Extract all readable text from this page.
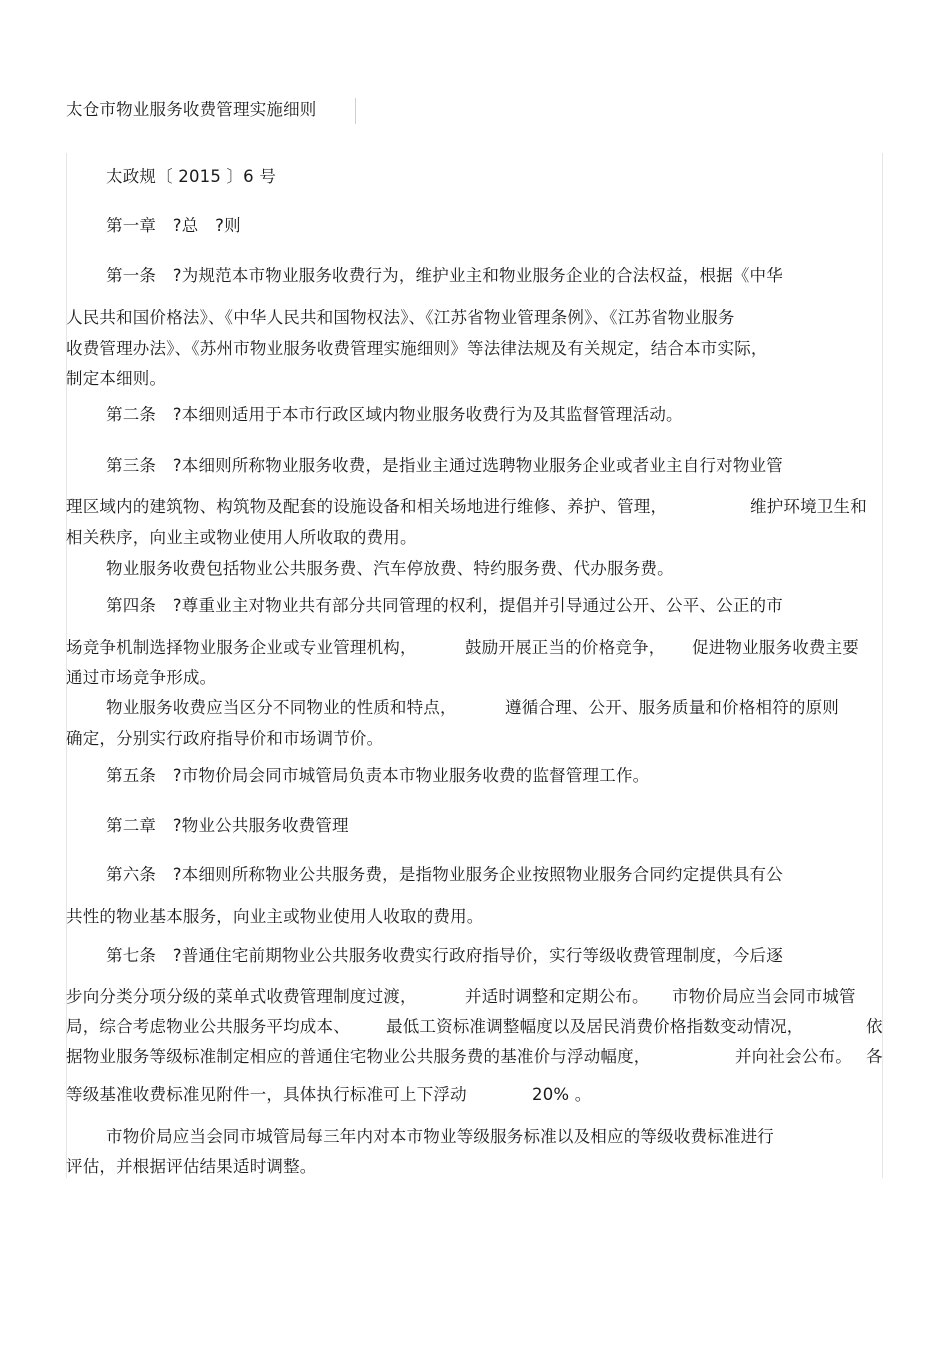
太仓市物业服务收费管理实施细则
太政规〔 2015 〕6 号
第一章　?总　?则
第一条　?为规范本市物业服务收费行为，维护业主和物业服务企业的合法权益，根据《中华
人民共和国价格法》、《中华人民共和国物权法》、《江苏省物业管理条例》、《江苏省物业服务
收费管理办法》、《苏州市物业服务收费管理实施细则》等法律法规及有关规定，结合本市实际，
制定本细则。
第二条　?本细则适用于本市行政区域内物业服务收费行为及其监督管理活动。
第三条　?本细则所称物业服务收费，是指业主通过选聘物业服务企业或者业主自行对物业管
理区域内的建筑物、构筑物及配套的设施设备和相关场地进行维修、养护、管理，	维护环境卫生和
相关秩序，向业主或物业使用人所收取的费用。
物业服务收费包括物业公共服务费、汽车停放费、特约服务费、代办服务费。
第四条　?尊重业主对物业共有部分共同管理的权利，提倡并引导通过公开、公平、公正的市
场竞争机制选择物业服务企业或专业管理机构，	鼓励开展正当的价格竞争， 促进物业服务收费主要
通过市场竞争形成。
物业服务收费应当区分不同物业的性质和特点，	遵循合理、公开、服务质量和价格相符的原则
确定，分别实行政府指导价和市场调节价。
第五条　?市物价局会同市城管局负责本市物业服务收费的监督管理工作。
第二章　?物业公共服务收费管理
第六条　?本细则所称物业公共服务费，是指物业服务企业按照物业服务合同约定提供具有公
共性的物业基本服务，向业主或物业使用人收取的费用。
第七条　?普通住宅前期物业公共服务收费实行政府指导价，实行等级收费管理制度，今后逐
步向分类分项分级的菜单式收费管理制度过渡，	并适时调整和定期公布。 市物价局应当会同市城管
局，综合考虑物业公共服务平均成本、 最低工资标准调整幅度以及居民消费价格指数变动情况，	依
据物业服务等级标准制定相应的普通住宅物业公共服务费的基准价与浮动幅度，	并向社会公布。 各
等级基准收费标准见附件一，具体执行标准可上下浮动	20% 。
市物价局应当会同市城管局每三年内对本市物业等级服务标准以及相应的等级收费标准进行
评估，并根据评估结果适时调整。
